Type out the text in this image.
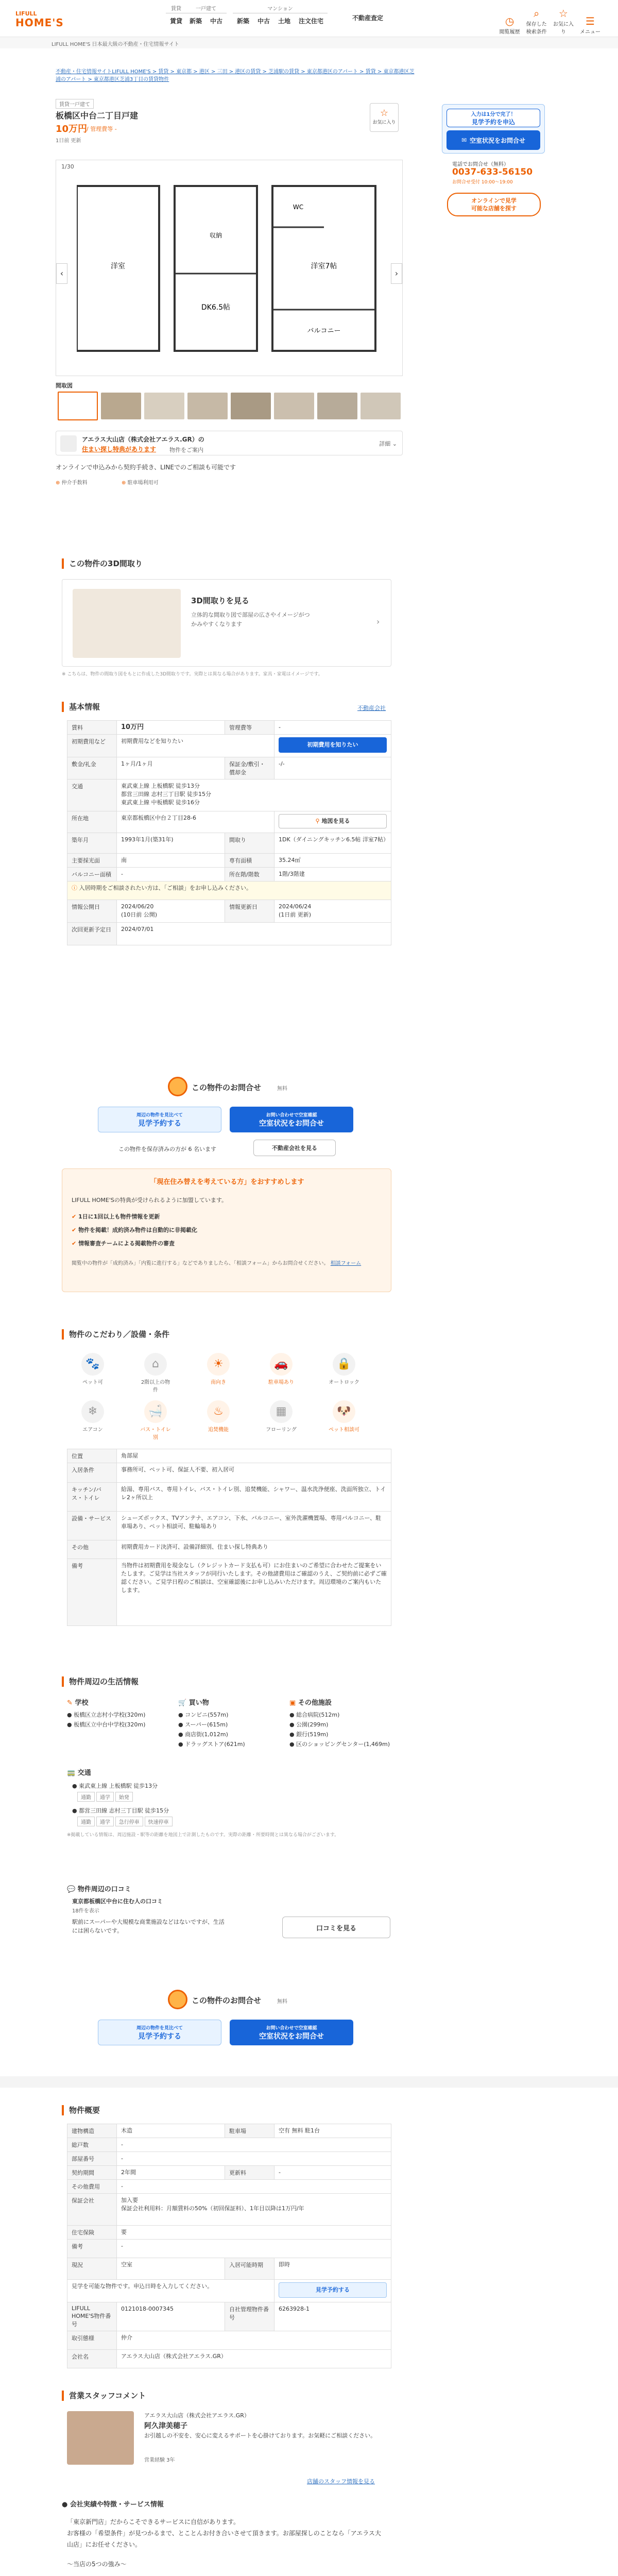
LIFULL
HOME'S
賃貸
賃貸
一戸建て
新築 中古
マンション
新築 中古 土地 注文住宅	不動産査定	◷
閲覧履歴
⌕
保存した検索条件
☆
お気に入り
☰
メニュー
LIFULL HOME'S 日本最大級の不動産・住宅情報サイト
不動産・住宅情報サイトLIFULL HOME'S > 賃貸 > 東京都 > 港区 > 三田 > 港区の賃貸 > 芝浦駅の賃貸 > 東京都港区のアパート > 賃貸 > 東京都港区芝浦のアパート > 東京都港区芝浦3丁目の賃貸物件
賃貸一戸建て
板橋区中台二丁目戸建
10万円
/ 管理費等 -
1日前 更新
☆
お気に入り
1/30
‹	›
洋室
DK6.5帖
洋室7帖
バルコニー
WC
収納
間取図
アエラス大山店（株式会社アエラス.GR）の
住まい探し特典があります 物件をご案内
詳細 ⌄
オンラインで申込みから契約手続き、LINEでのご相談も可能です
⊕ 仲介手数料	⊕ 駐車場利用可
入力は1分で完了！
見学予約を申込
✉ 空室状況をお問合せ
電話でお問合せ（無料）
0037-633-56150
お問合せ受付 10:00～19:00
オンラインで見学
可能な店舗を探す
この物件の3D間取り
3D間取りを見る
立体的な間取り図で部屋の広さやイメージがつかみやすくなります	›
※ こちらは、物件の間取り図をもとに作成した3D間取りです。実際とは異なる場合があります。家具・家電はイメージです。
基本情報	不動産会社
賃料	10万円	管理費等	-
初期費用など	初期費用などを知りたい		初期費用を知りたい

敷金/礼金	1ヶ月/1ヶ月	保証金/敷引・償却金	-/-
交通	東武東上線 上板橋駅 徒歩13分
都営三田線 志村三丁目駅 徒歩15分
東武東上線 中板橋駅 徒歩16分		
所在地	東京都板橋区中台２丁目28-6		⚲ 地図を見る

築年月	1993年1月(築31年)	間取り	1DK（ダイニングキッチン6.5帖 洋室7帖）
主要採光面	南	専有面積	35.24㎡
バルコニー面積	-	所在階/階数	1階/3階建
ⓘ 入居時期をご相談されたい方は、「ご相談」をお申し込みください。			
情報公開日	2024/06/20
(10日前 公開)	情報更新日	2024/06/24
(1日前 更新)
次回更新予定日	2024/07/01		
この物件のお問合せ	無料
周辺の物件を見比べて
見学予約する
お問い合わせで空室確認
空室状況をお問合せ
この物件を保存済みの方が 6 名います	不動産会社を見る
「現在住み替えを考えている方」をおすすめします
LIFULL HOME'Sの特典が受けられるように加盟しています。
✔ 1日に1回以上も物件情報を更新
✔ 物件を掲載！成約済み物件は自動的に非掲載化
✔ 情報審査チームによる掲載物件の審査
閲覧中の物件が「成約済み」「内覧に進行する」などでありましたら、「相談フォーム」からお問合せください。 相談フォーム
物件のこだわり／設備・条件
🐾
ペット可
⌂
2階以上の物件
☀
南向き
🚗
駐車場あり
🔒
オートロック
❄
エアコン
🛁
バス・トイレ別
♨
追焚機能
▦
フローリング
🐶
ペット相談可
位置	角部屋
入居条件	事務所可、ペット可、保証人不要、初入居可
キッチン/バス・トイレ	給湯、専用バス、専用トイレ、バス・トイレ別、追焚機能、シャワー、温水洗浄便座、洗面所独立、トイレ2ヶ所以上
設備・サービス	シューズボックス、TVアンテナ、エアコン、下水、バルコニー、室外洗濯機置場、専用バルコニー、駐車場あり、ペット相談可、駐輪場あり
その他	初期費用カード決済可、設備詳細別、住まい探し特典あり
備考	当物件は初期費用を現金なし（クレジットカード支払も可）にお住まいのご希望に合わせたご提案をいたします。ご見学は当社スタッフが同行いたします。その他諸費用はご確認のうえ、ご契約前に必ずご確認ください。ご見学日程のご相談は、空室確認後にお申し込みいただけます。周辺環境のご案内もいたします。
物件周辺の生活情報
✎ 学校
● 板橋区立志村小学校(320m)
● 板橋区立中台中学校(320m)
🛒 買い物
● コンビニ(557m)
● スーパー(615m)
● 商店街(1,012m)
● ドラッグストア(621m)
▣ その他施設
● 総合病院(512m)
● 公園(299m)
● 銀行(519m)
● 区のショッピングセンター(1,469m)
🚃 交通
● 東武東上線 上板橋駅 徒歩13分
通勤 通学 始発
● 都営三田線 志村三丁目駅 徒歩15分
通勤 通学 急行停車 快速停車
※掲載している情報は、周辺施設・駅等の距離を地図上で計測したものです。実際の距離・所要時間とは異なる場合がございます。
💬 物件周辺の口コミ
東京都板橋区中台に住む人の口コミ
18件を表示
駅前にスーパーや大規模な商業施設などはないですが、生活には困らないです。	口コミを見る
この物件のお問合せ	無料
周辺の物件を見比べて
見学予約する
お問い合わせで空室確認
空室状況をお問合せ
物件概要
建物構造	木造	駐車場	空有 無料 駐1台
総戸数	-		
部屋番号	-		
契約期間	2年間	更新料	-
その他費用	-		
保証会社	加入要
保証会社利用料：月額賃料の50%（初回保証料）、1年目以降は1万円/年		
住宅保険	要		
備考	-		
現況	空室	入居可能時期	即時
見学を可能な物件です。申込日時を入力してください。			見学予約する

LIFULL HOME'S物件番号	0121018-0007345	自社管理物件番号	6263928-1
取引態様	仲介		
会社名	アエラス大山店（株式会社アエラス.GR）		
営業スタッフコメント
アエラス大山店（株式会社アエラス.GR）
阿久津美穂子
お引越しの不安を、安心に変えるサポートを心掛けております。お気軽にご相談ください。
営業経験 3年
店舗のスタッフ情報を見る
● 会社実績や特徴・サービス情報

「東京新門店」だからこそできるサービスに自信があります。

お客様の「希望条件」が見つかるまで、とことんお付き合いさせて頂きます。お部屋探しのことなら「アエラス大山店」にお任せください。

〜当店の5つの強み〜
